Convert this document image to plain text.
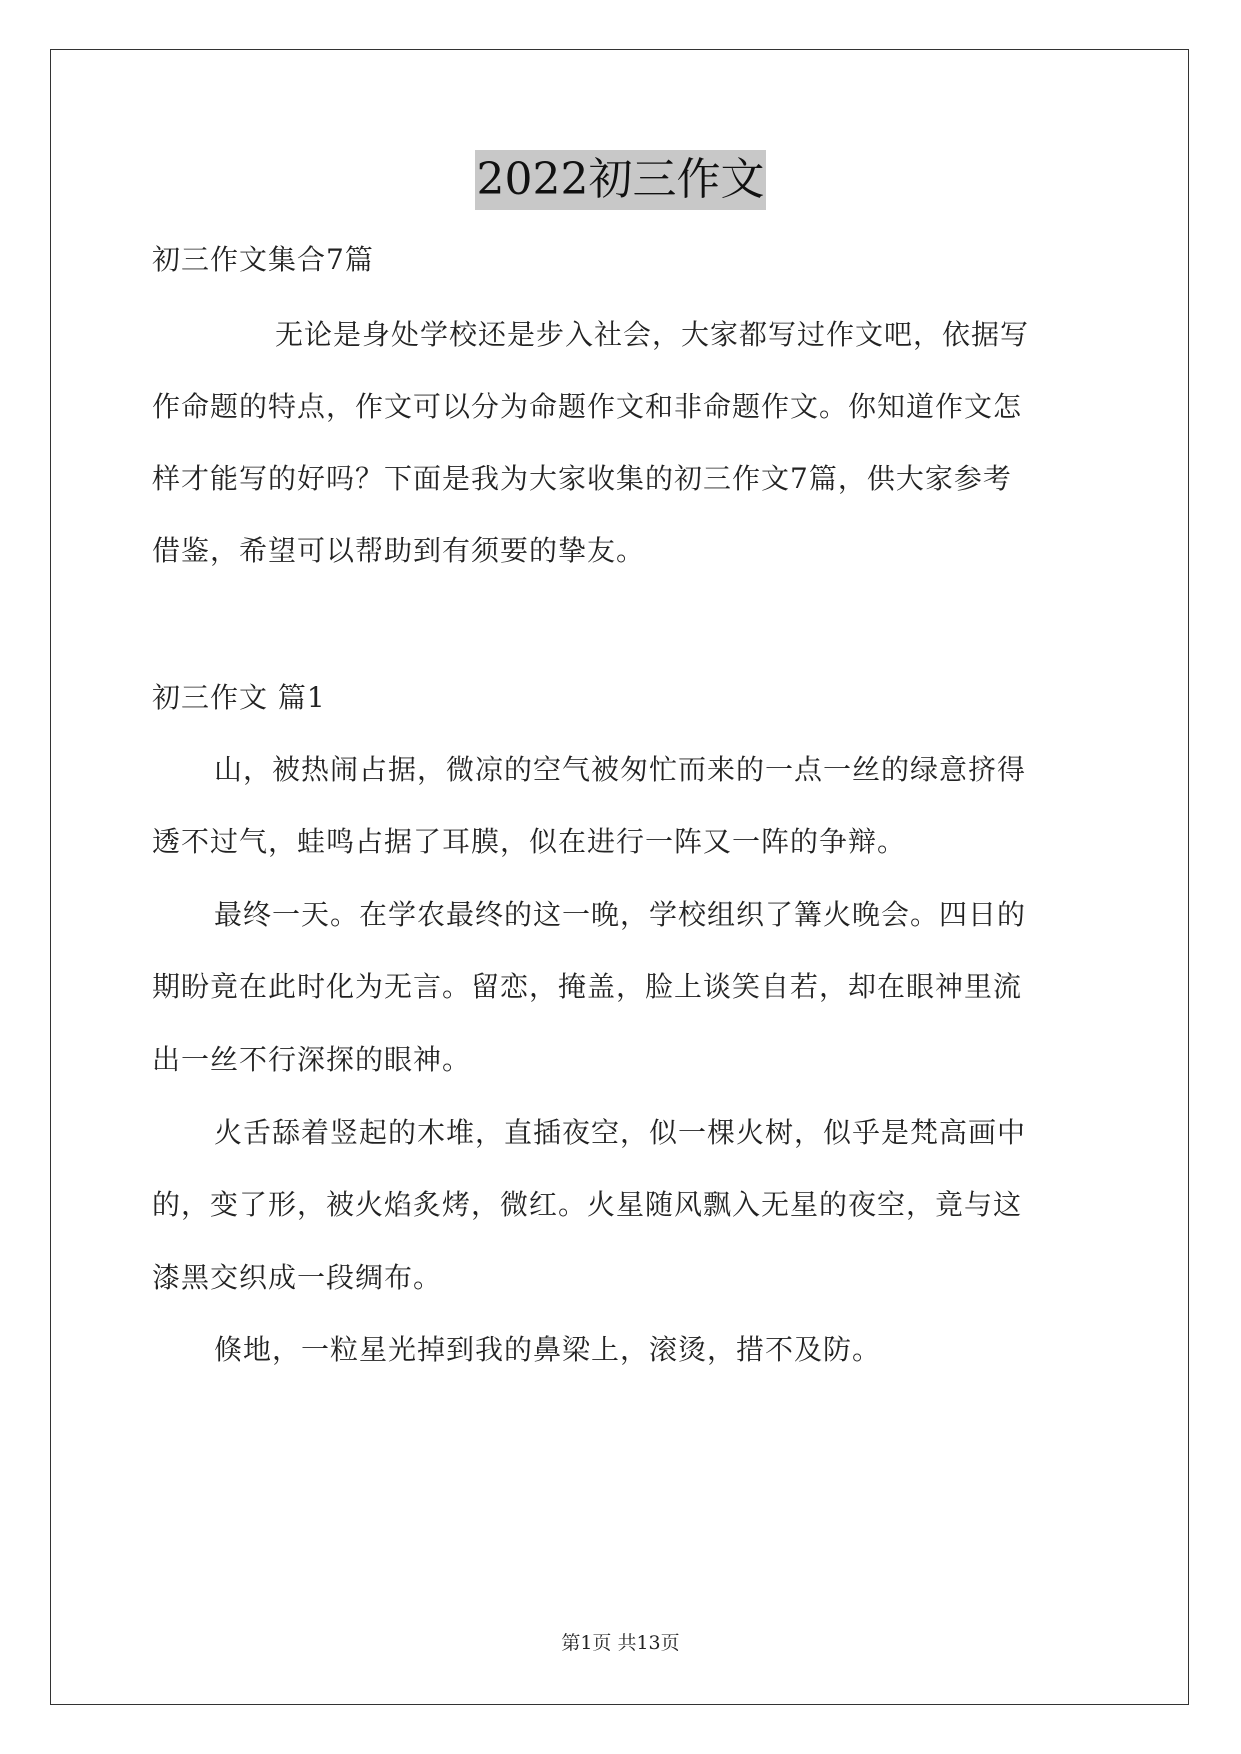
2022初三作文
初三作文集合7篇
无论是身处学校还是步入社会，大家都写过作文吧，依据写
作命题的特点，作文可以分为命题作文和非命题作文。你知道作文怎
样才能写的好吗？下面是我为大家收集的初三作文7篇，供大家参考
借鉴，希望可以帮助到有须要的挚友。
初三作文 篇1
山，被热闹占据，微凉的空气被匆忙而来的一点一丝的绿意挤得
透不过气，蛙鸣占据了耳膜，似在进行一阵又一阵的争辩。
最终一天。在学农最终的这一晚，学校组织了篝火晚会。四日的
期盼竟在此时化为无言。留恋，掩盖，脸上谈笑自若，却在眼神里流
出一丝不行深探的眼神。
火舌舔着竖起的木堆，直插夜空，似一棵火树，似乎是梵高画中
的，变了形，被火焰炙烤，微红。火星随风飘入无星的夜空，竟与这
漆黑交织成一段绸布。
倏地，一粒星光掉到我的鼻梁上，滚烫，措不及防。
第1页 共13页
